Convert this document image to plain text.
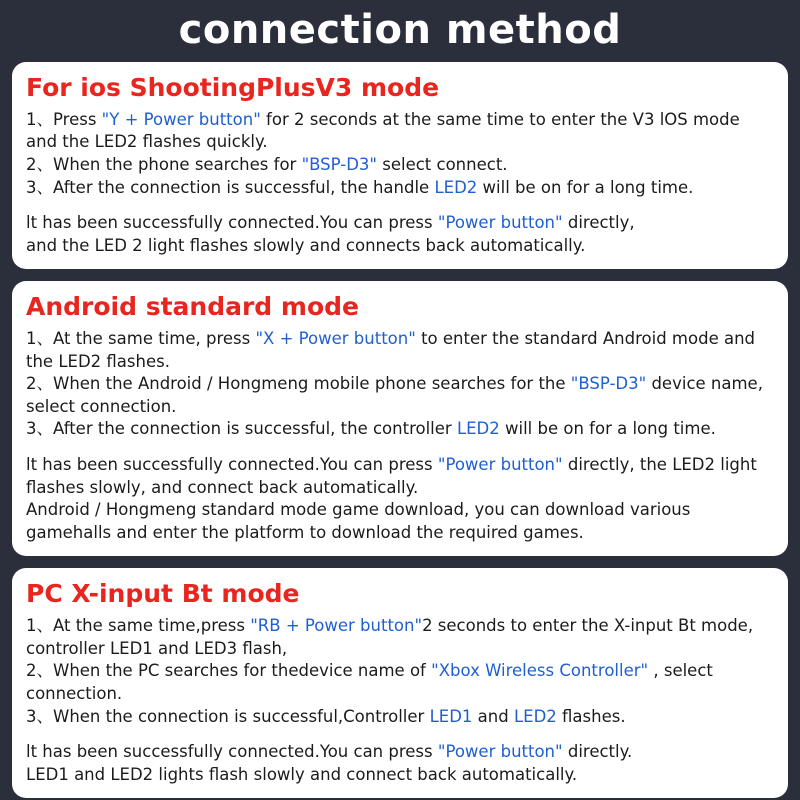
connection method
For ios ShootingPlusV3 mode

1、Press "Y + Power button" for 2 seconds at the same time to enter the V3 lOS mode

and the LED2 flashes quickly.

2、When the phone searches for "BSP-D3" select connect.

3、After the connection is successful, the handle LED2 will be on for a long time.

lt has been successfully connected.You can press "Power button" directly,

and the LED 2 light flashes slowly and connects back automatically.

Android standard mode

1、At the same time, press "X + Power button" to enter the standard Android mode and

the LED2 flashes.

2、When the Android / Hongmeng mobile phone searches for the "BSP-D3" device name,

select connection.

3、After the connection is successful, the controller LED2 will be on for a long time.

lt has been successfully connected.You can press "Power button" directly, the LED2 light

flashes slowly, and connect back automatically.

Android / Hongmeng standard mode game download, you can download various

gamehalls and enter the platform to download the required games.

PC X-input Bt mode

1、At the same time,press "RB + Power button"2 seconds to enter the X-input Bt mode,

controller LED1 and LED3 flash,

2、When the PC searches for thedevice name of "Xbox Wireless Controller" , select

connection.

3、When the connection is successful,Controller LED1 and LED2 flashes.

lt has been successfully connected.You can press "Power button" directly.

LED1 and LED2 lights flash slowly and connect back automatically.
